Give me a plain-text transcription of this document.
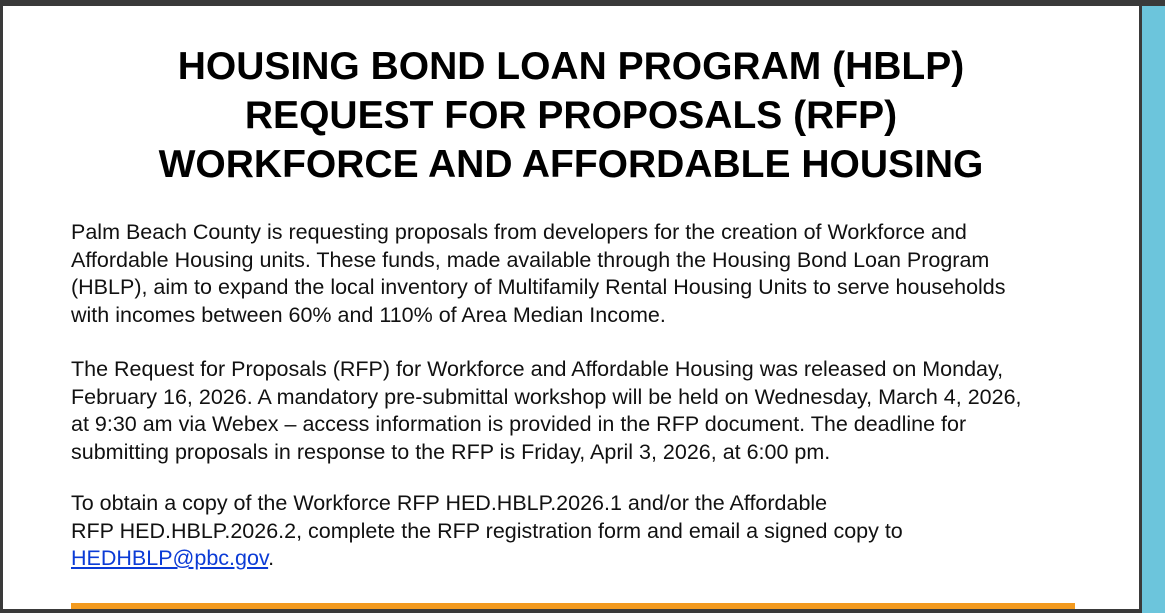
HOUSING BOND LOAN PROGRAM (HBLP)
REQUEST FOR PROPOSALS (RFP)
WORKFORCE AND AFFORDABLE HOUSING

Palm Beach County is requesting proposals from developers for the creation of Workforce and
Affordable Housing units. These funds, made available through the Housing Bond Loan Program
(HBLP), aim to expand the local inventory of Multifamily Rental Housing Units to serve households
with incomes between 60% and 110% of Area Median Income.

The Request for Proposals (RFP) for Workforce and Affordable Housing was released on Monday,
February 16, 2026. A mandatory pre-submittal workshop will be held on Wednesday, March 4, 2026,
at 9:30 am via Webex – access information is provided in the RFP document. The deadline for
submitting proposals in response to the RFP is Friday, April 3, 2026, at 6:00 pm.

To obtain a copy of the Workforce RFP HED.HBLP.2026.1 and/or the Affordable
RFP HED.HBLP.2026.2, complete the RFP registration form and email a signed copy to
HEDHBLP@pbc.gov.
